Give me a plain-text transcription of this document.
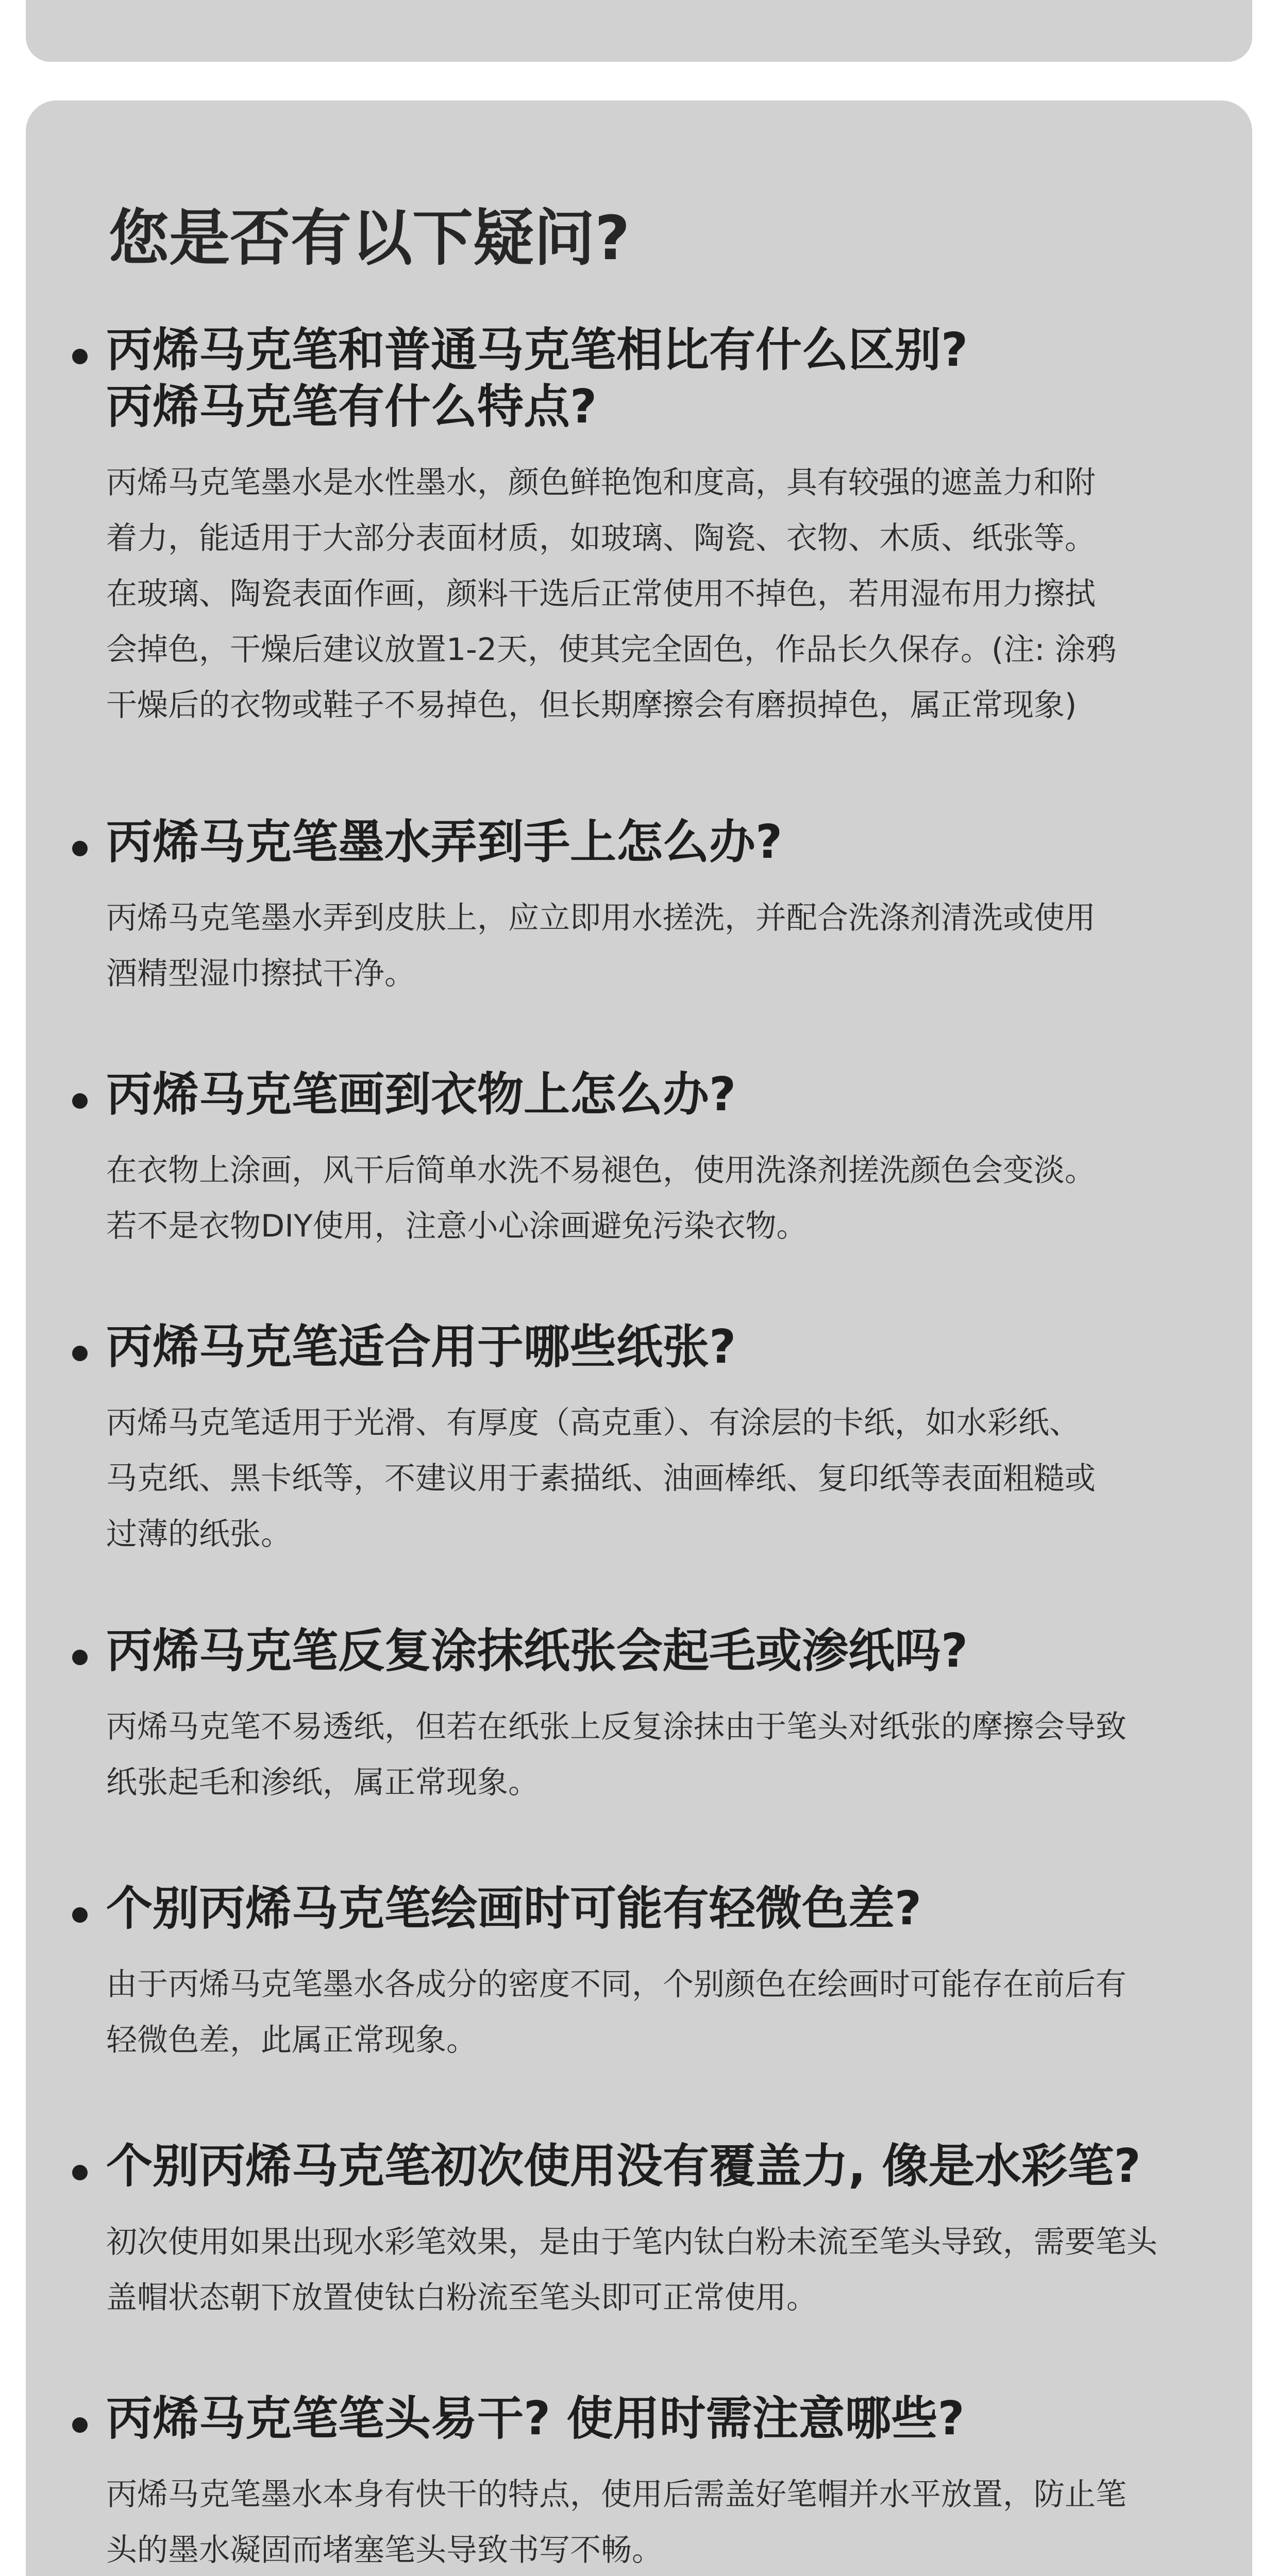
您是否有以下疑问?

丙烯马克笔和普通马克笔相比有什么区别?
丙烯马克笔有什么特点?

丙烯马克笔墨水是水性墨水，颜色鲜艳饱和度高，具有较强的遮盖力和附
着力，能适用于大部分表面材质，如玻璃、陶瓷、衣物、木质、纸张等。
在玻璃、陶瓷表面作画，颜料干选后正常使用不掉色，若用湿布用力擦拭
会掉色，干燥后建议放置1-2天，使其完全固色，作品长久保存。(注: 涂鸦
干燥后的衣物或鞋子不易掉色，但长期摩擦会有磨损掉色，属正常现象)

丙烯马克笔墨水弄到手上怎么办?

丙烯马克笔墨水弄到皮肤上，应立即用水搓洗，并配合洗涤剂清洗或使用
酒精型湿巾擦拭干净。

丙烯马克笔画到衣物上怎么办?

在衣物上涂画，风干后简单水洗不易褪色，使用洗涤剂搓洗颜色会变淡。
若不是衣物DIY使用，注意小心涂画避免污染衣物。

丙烯马克笔适合用于哪些纸张?

丙烯马克笔适用于光滑、有厚度（高克重）、有涂层的卡纸，如水彩纸、
马克纸、黑卡纸等，不建议用于素描纸、油画棒纸、复印纸等表面粗糙或
过薄的纸张。

丙烯马克笔反复涂抹纸张会起毛或渗纸吗?

丙烯马克笔不易透纸，但若在纸张上反复涂抹由于笔头对纸张的摩擦会导致
纸张起毛和渗纸，属正常现象。

个别丙烯马克笔绘画时可能有轻微色差?

由于丙烯马克笔墨水各成分的密度不同，个别颜色在绘画时可能存在前后有
轻微色差，此属正常现象。

个别丙烯马克笔初次使用没有覆盖力, 像是水彩笔?

初次使用如果出现水彩笔效果，是由于笔内钛白粉未流至笔头导致，需要笔头
盖帽状态朝下放置使钛白粉流至笔头即可正常使用。

丙烯马克笔笔头易干? 使用时需注意哪些?

丙烯马克笔墨水本身有快干的特点，使用后需盖好笔帽并水平放置，防止笔
头的墨水凝固而堵塞笔头导致书写不畅。
